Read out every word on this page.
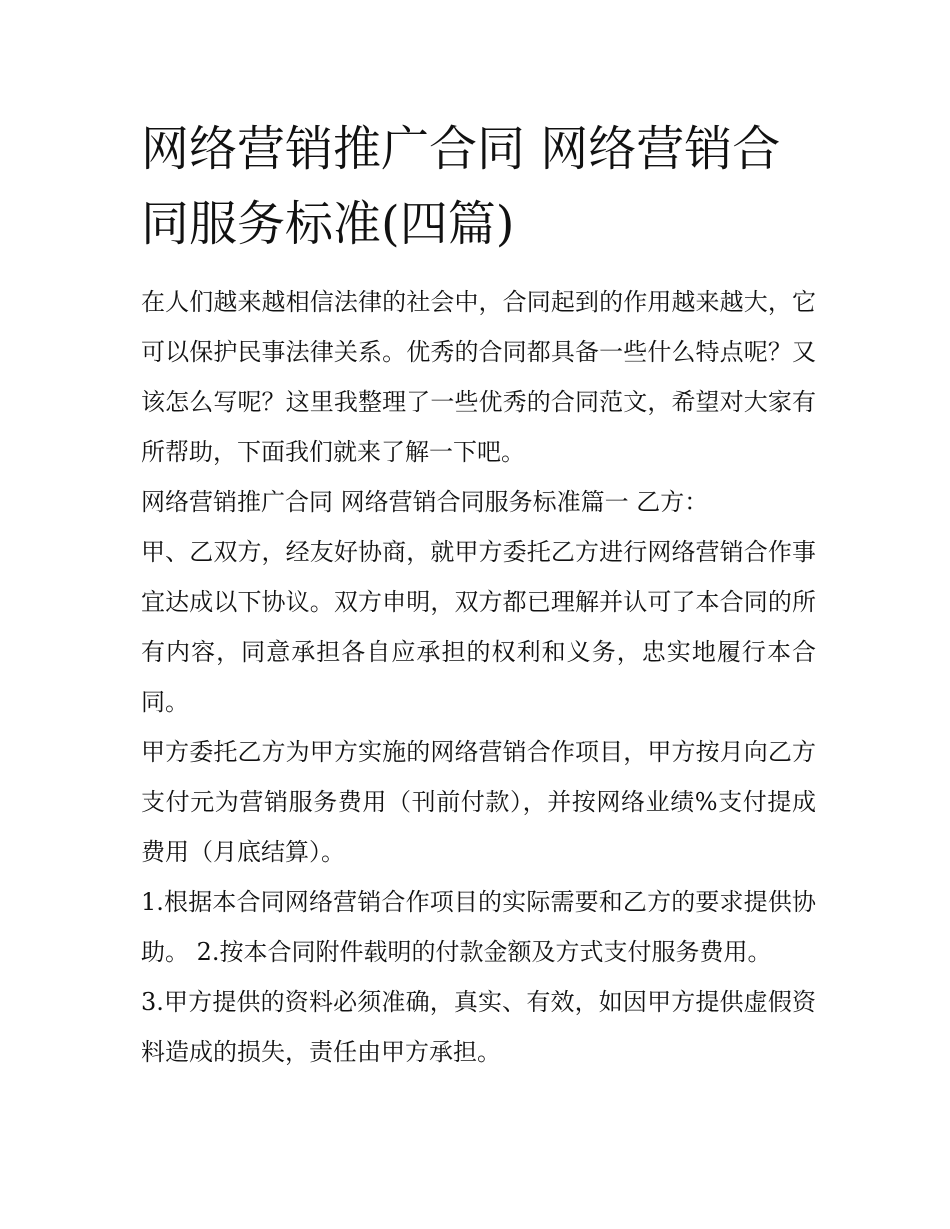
网络营销推广合同 网络营销合同服务标准(四篇)

在人们越来越相信法律的社会中，合同起到的作用越来越大，它可以保护民事法律关系。优秀的合同都具备一些什么特点呢？又该怎么写呢？这里我整理了一些优秀的合同范文，希望对大家有所帮助，下面我们就来了解一下吧。

网络营销推广合同 网络营销合同服务标准篇一 乙方：

甲、乙双方，经友好协商，就甲方委托乙方进行网络营销合作事宜达成以下协议。双方申明，双方都已理解并认可了本合同的所有内容，同意承担各自应承担的权利和义务，忠实地履行本合同。

甲方委托乙方为甲方实施的网络营销合作项目，甲方按月向乙方支付元为营销服务费用（刊前付款），并按网络业绩%支付提成费用（月底结算）。

1.根据本合同网络营销合作项目的实际需要和乙方的要求提供协助。 2.按本合同附件载明的付款金额及方式支付服务费用。

3.甲方提供的资料必须准确，真实、有效，如因甲方提供虚假资料造成的损失，责任由甲方承担。
